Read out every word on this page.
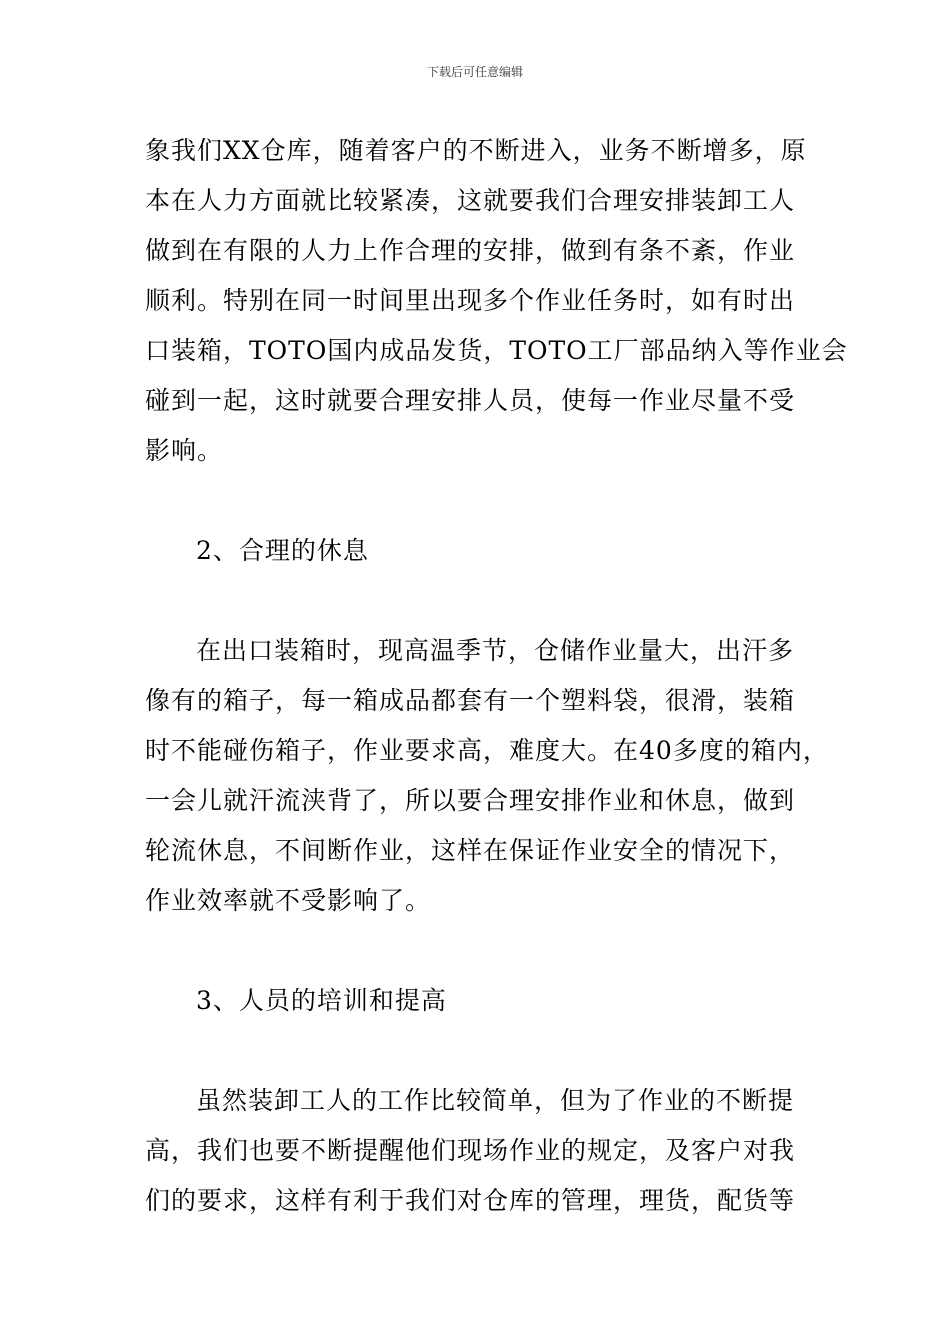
下载后可任意编辑
象我们XX仓库，随着客户的不断进入，业务不断增多，原
本在人力方面就比较紧凑，这就要我们合理安排装卸工人
做到在有限的人力上作合理的安排，做到有条不紊，作业
顺利。特别在同一时间里出现多个作业任务时，如有时出
口装箱，TOTO国内成品发货，TOTO工厂部品纳入等作业会
碰到一起，这时就要合理安排人员，使每一作业尽量不受
影响。
2、合理的休息
在出口装箱时，现高温季节，仓储作业量大，出汗多
像有的箱子，每一箱成品都套有一个塑料袋，很滑，装箱
时不能碰伤箱子，作业要求高，难度大。在40多度的箱内，
一会儿就汗流浃背了，所以要合理安排作业和休息，做到
轮流休息，不间断作业，这样在保证作业安全的情况下，
作业效率就不受影响了。
3、人员的培训和提高
虽然装卸工人的工作比较简单，但为了作业的不断提
高，我们也要不断提醒他们现场作业的规定，及客户对我
们的要求，这样有利于我们对仓库的管理，理货，配货等
